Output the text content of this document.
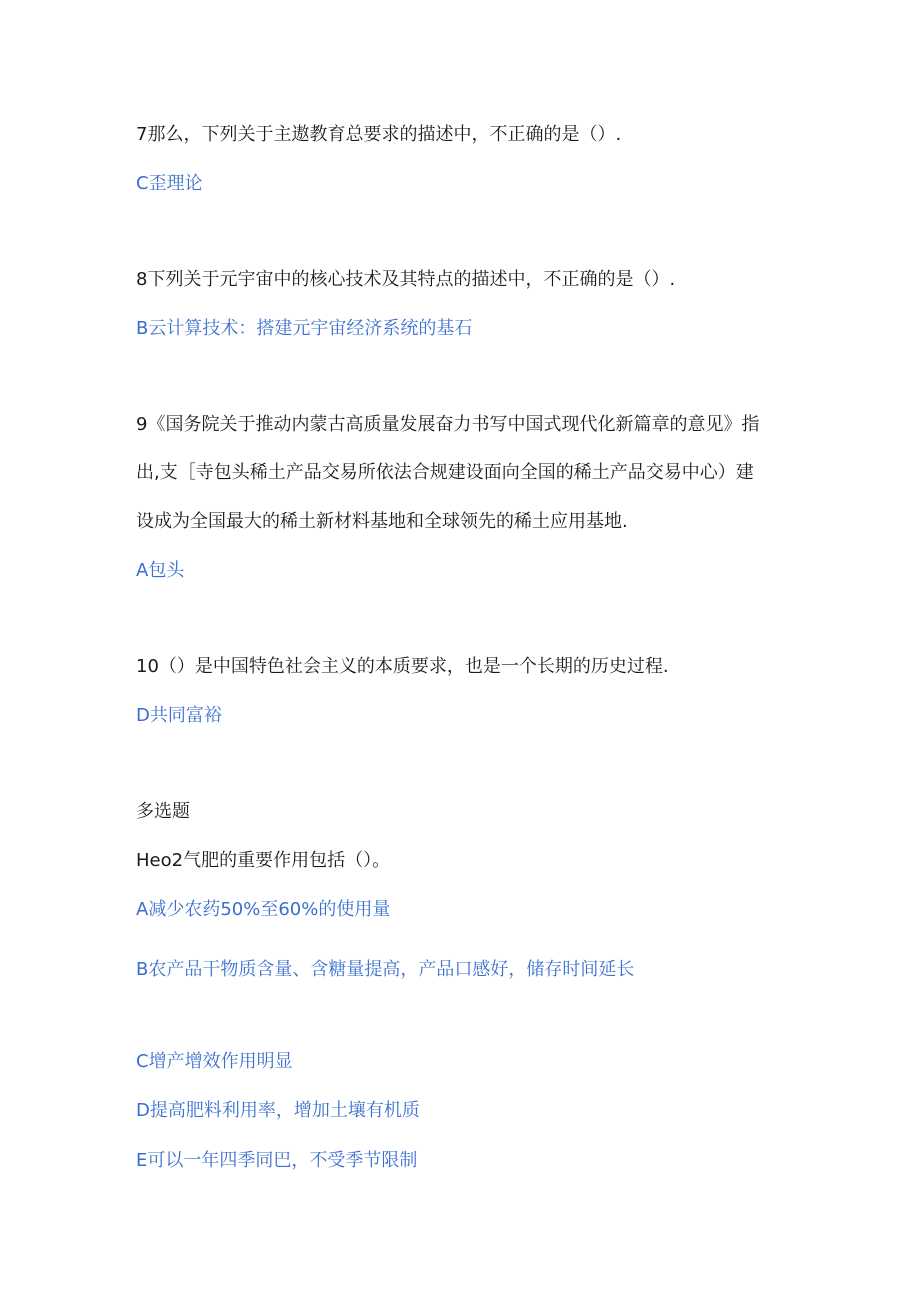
7那么，下列关于主遨教育总要求的描述中，不正确的是（）.
C歪理论
8下列关于元宇宙中的核心技术及其特点的描述中，不正确的是（）.
B云计算技术：搭建元宇宙经济系统的基石
9《国务院关于推动内蒙古高质量发展奋力书写中国式现代化新篇章的意见》指
出,支［寺包头稀土产品交易所依法合规建设面向全国的稀土产品交易中心）建
设成为全国最大的稀土新材料基地和全球领先的稀土应用基地.
A包头
10（）是中国特色社会主义的本质要求，也是一个长期的历史过程.
D共同富裕
多选题
Heo2气肥的重要作用包括（）。
A减少农药50%至60%的使用量
B农产品干物质含量、含糖量提高，产品口感好，储存时间延长
C增产增效作用明显
D提高肥料利用率，增加土壤有机质
E可以一年四季同巴，不受季节限制
